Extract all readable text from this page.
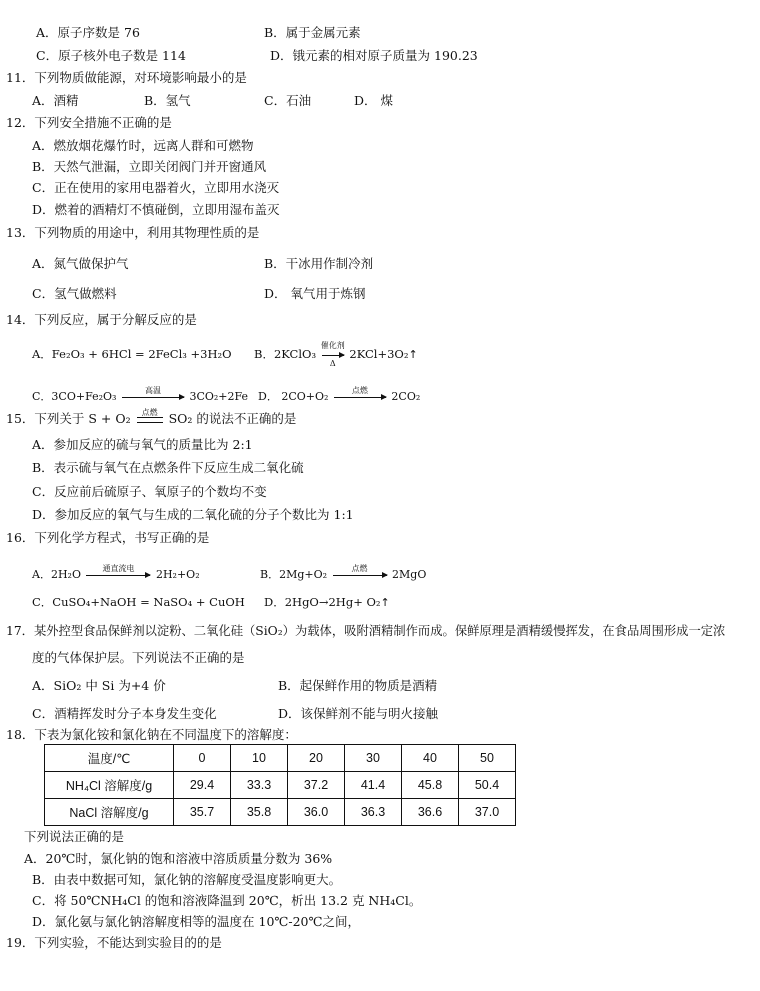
A．原子序数是 76	B．属于金属元素
C．原子核外电子数是 114	D．锇元素的相对原子质量为 190.23
11．下列物质做能源，对环境影响最小的是
A．酒精	B．氢气	C．石油	D． 煤
12．下列安全措施不正确的是
A．燃放烟花爆竹时，远离人群和可燃物
B．天然气泄漏，立即关闭阀门并开窗通风
C．正在使用的家用电器着火，立即用水浇灭
D．燃着的酒精灯不慎碰倒，立即用湿布盖灭
13．下列物质的用途中，利用其物理性质的是
A．氮气做保护气	B．干冰用作制冷剂
C．氢气做燃料	D． 氧气用于炼钢
14．下列反应，属于分解反应的是
A．Fe₂O₃ + 6HCl = 2FeCl₃ +3H₂O B．2KClO₃
催化剂
Δ
2KCl+3O₂↑
C．3CO+Fe₂O₃	高温	3CO₂+2Fe D． 2CO+O₂	点燃	2CO₂
15．下列关于 S + O₂	点燃 SO₂ 的说法不正确的是
A．参加反应的硫与氧气的质量比为 2:1
B．表示硫与氧气在点燃条件下反应生成二氧化硫
C．反应前后硫原子、氧原子的个数均不变
D．参加反应的氧气与生成的二氧化硫的分子个数比为 1:1
16．下列化学方程式，书写正确的是
A．2H₂O	通直流电	2H₂+O₂	B．2Mg+O₂	点燃	2MgO
C．CuSO₄+NaOH = NaSO₄ + CuOH D．2HgO→2Hg+ O₂↑
17．某外控型食品保鲜剂以淀粉、二氧化硅（SiO₂）为载体，吸附酒精制作而成。保鲜原理是酒精缓慢挥发，在食品周围形成一定浓
度的气体保护层。下列说法不正确的是
A．SiO₂ 中 Si 为+4 价	B．起保鲜作用的物质是酒精
C．酒精挥发时分子本身发生变化	D．该保鲜剂不能与明火接触
18．下表为氯化铵和氯化钠在不同温度下的溶解度：
温度/℃	0	10	20	30	40	50
NH₄Cl 溶解度/g	29.4	33.3	37.2	41.4	45.8	50.4
NaCl 溶解度/g	35.7	35.8	36.0	36.3	36.6	37.0
下列说法正确的是
A．20℃时，氯化钠的饱和溶液中溶质质量分数为 36%
B．由表中数据可知，氯化钠的溶解度受温度影响更大。
C．将 50℃NH₄Cl 的饱和溶液降温到 20℃，析出 13.2 克 NH₄Cl。
D．氯化氨与氯化钠溶解度相等的温度在 10℃-20℃之间，
19．下列实验，不能达到实验目的的是
